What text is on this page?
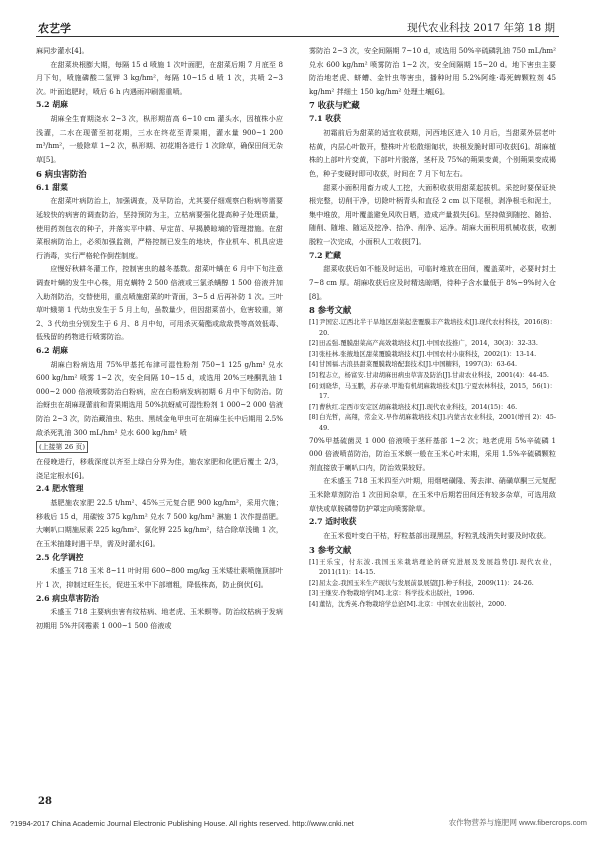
农艺学	现代农业科技 2017 年第 18 期

麻同步灌水[4]。

在甜菜块根膨大期，每隔 15 d 喷施 1 次叶面肥，在甜菜后期 7 月底至 8 月下旬，喷施磷酸二氢钾 3 kg/hm²，每隔 10~15 d 喷 1 次，共喷 2~3 次。叶面追肥时，喷后 6 h 内遇雨冲刷需重喷。

5.2 胡麻

胡麻全生育期浇水 2~3 次，枞形期苗高 6~10 cm 灌头水，因植株小应浅灌，二水在现蕾至初花期，三水在终花至青果期，灌水量 900~1 200 m³/hm²，一般除草 1~2 次，枞形期、初花期各进行 1 次除草，确保田间无杂草[5]。

6 病虫害防治
6.1 甜菜

在甜菜叶病防治上，加强调查，及早防治，尤其要仔细观察白粉病等需要延较快的病害的调查防治，坚持预防为主，立枯病要强化提高种子处理质量，使用药剂包衣的种子，并落实平中耕、早定苗、早揭膜晾墒的管理措施。在甜菜根病防治上，必须加强监测，严格控制已发生的地块，作业机车、机具应进行消毒，实行严格轮作倒茬制度。

应慢好秋耕冬灌工作，控制害虫的越冬基数。甜菜叶螨在 6 月中下旬注意调查叶螨的发生中心株，用克螨特 2 500 倍液或三氯杀螨醇 1 500 倍液并加入助剂防治，交替使用，重点喷施甜菜的叶背面，3~5 d 后再补防 1 次。三叶草叶蛾第 1 代幼虫发生于 5 月上旬，虽数量少，但因甜菜苗小，危害较重，第 2、3 代幼虫分别发生于 6 月、8 月中旬，可用杀灭菊酯或敌敌畏等高效低毒、低残留的药物进行喷雾防治。

6.2 胡麻

胡麻白粉病选用 75%甲基托布津可湿性粉剂 750~1 125 g/hm² 兑水 600 kg/hm² 喷雾 1~2 次，安全间隔 10~15 d，或选用 20%三唑酮乳油 1 000~2 000 倍液喷雾防治白粉病，应在白粉病发病初期 6 月中下旬防治。防治蚜虫在胡麻现蕾前和青果期选用 50%抗蚜威可湿性粉剂 1 000~2 000 倍液防治 2~3 次，防治藏油虫、粘虫、黑绒金龟甲虫可在胡麻生长中后期用 2.5%敌杀死乳油 300 mL/hm² 兑水 600 kg/hm² 喷

(上接第 26 页)

在侵晚进行，移栽深度以齐至上绿白分界为佳，施农家肥和化肥后覆土 2/3，浇足定根水[6]。

2.4 肥水管理

基肥施农家肥 22.5 t/hm²、45%三元复合肥 900 kg/hm²，采用穴施；移栽后 15 d，用碳铵 375 kg/hm² 兑水 7 500 kg/hm² 淋施 1 次作提苗肥。大喇叭口期施尿素 225 kg/hm²、氯化钾 225 kg/hm²，结合除草浅锄 1 次，在玉米抽雄时遇干旱，需及时灌水[6]。

2.5 化学调控

禾盛玉 718 玉米 8~11 叶时用 600~800 mg/kg 玉米矮壮素喷施顶部叶片 1 次，抑制过旺生长，促进玉米中下部增粗，降低株高，防止倒伏[6]。

2.6 病虫草害防治

禾盛玉 718 主要病虫害有纹枯病、地老虎、玉米螟等。防治纹枯病于发病初期用 5%井冈霉素 1 000~1 500 倍液或

雾防治 2~3 次，安全间隔期 7~10 d，或选用 50%辛硫磷乳油 750 mL/hm² 兑水 600 kg/hm² 喷雾防治 1~2 次，安全间隔期 15~20 d。地下害虫主要防治地老虎、蛴螬、金针虫等害虫，播种时用 5.2%阿维·毒死蜱颗粒剂 45 kg/hm² 拌细土 150 kg/hm² 处理土壤[6]。

7 收获与贮藏
7.1 收获

初霜前后为甜菜的适宜收获期，河西地区进入 10 月后，当甜菜外层老叶枯黄，内层心叶散开，整株叶片松散细匍状，块根发脆时即可收获[6]。胡麻植株的上部叶片变黄，下部叶片脱落，茎秆及 75%的蒴果变黄，个别蒴果变成褐色，种子变硬时即可收获，时间在 7 月下旬左右。

甜菜小面积用畜力或人工挖，大面积收获用甜菜起拔机。采挖时要保证块根完整，切削干净，切除叶柄青头和直径 2 cm 以下尾根，剥净根毛和泥土，集中堆放，用叶覆盖避免风吹日晒，造成产量损失[6]。坚持做到随挖、随拾、随削、随堆、随运及挖净、拾净、削净、运净。胡麻大面积用机械收获，收割脱粒一次完成，小面积人工收获[7]。

7.2 贮藏

甜菜收获后如不能及时运出，可临时堆放在田间，覆盖菜叶，必要时封土 7~8 cm 厚。胡麻收获后应及时精选晾晒，待种子含水量低于 8%~9%时入仓[8]。

8 参考文献

[1] 尹国宏.辽西北半干旱地区甜菜起垄覆膜丰产栽培技术[J].现代农村科技，2016(8)：20.

[2] 田孟强.覆膜甜菜高产高效栽培技术[J].中国农技推广，2014，30(3)：32-33.

[3] 张桂林.张掖地区甜菜覆膜栽培技术[J].中国农村小康科技，2002(1)：13-14.

[4] 甘国福.古浪县甜菜覆膜栽培配套技术[J].中国糖料，1997(3)：63-64.

[5] 程志立，杨富安.甘肃胡麻田病虫草害及防治[J].甘肃农业科技，2001(4)：44-45.

[6] 刘晓华，马玉鹏，苏存录.甲地有机胡麻栽培技术[J].宁夏农林科技，2015，56(1)：17.

[7] 曹秋红.定西市安定区胡麻栽培技术[J].现代农业科技，2014(15)：46.

[8] 白光哲，高翔，常金义.早作胡麻栽培技术[J].内蒙古农业科技，2001(增刊 2)：45-49.

70%甲基硫菌灵 1 000 倍液喷于茎秆基部 1~2 次；地老虎用 5%辛硫磷 1 000 倍液喷苗防治，防治玉米螟一般在玉米心叶末期，采用 1.5%辛硫磷颗粒剂直接放于喇叭口内，防治效果较好。

在禾盛玉 718 玉米四至六叶期，用烟嘧磺隆、莠去津、硝磺草酮三元复配玉米除草剂防治 1 次田间杂草，在玉米中后期若田间还有较多杂草，可选用敌草快或草胺磷带防护罩定向喷雾除草。

2.7 适时收获

在玉米苞叶变白干枯，籽粒基部出现黑层，籽粒乳线消失时要及时收获。

3 参考文献

[1] 王乐宝，付东波.我国玉米栽培理论的研究进展及发展趋势[J].现代农业，2011(11)：14-15.

[2] 屈太金.我国玉米生产现状与发展前景展望[J].种子科技，2009(11)：24-26.

[3] 王继安.作物栽培学[M].北京：科学技术出版社，1996.

[4] 董钻，沈秀英.作物栽培学总论[M].北京：中国农业出版社，2000.

28
?1994-2017 China Academic Journal Electronic Publishing House. All rights reserved. http://www.cnki.net	农作物营养与施肥网 www.fibercrops.com
